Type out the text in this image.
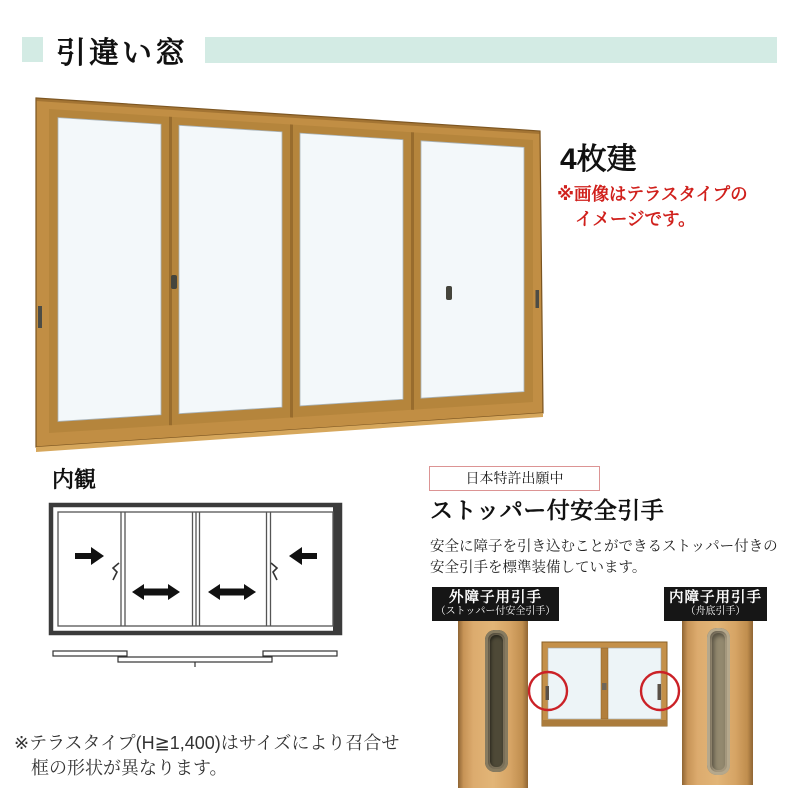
引違い窓
4枚建
※画像はテラスタイプの
イメージです。
内観	日本特許出願中
ストッパー付安全引手
安全に障子を引き込むことができるストッパー付きの
安全引手を標準装備しています。
外障子用引手
（ストッパー付安全引手）
内障子用引手
（舟底引手）

※テラスタイプ(H≧1,400)はサイズにより召合せ
框の形状が異なります。
